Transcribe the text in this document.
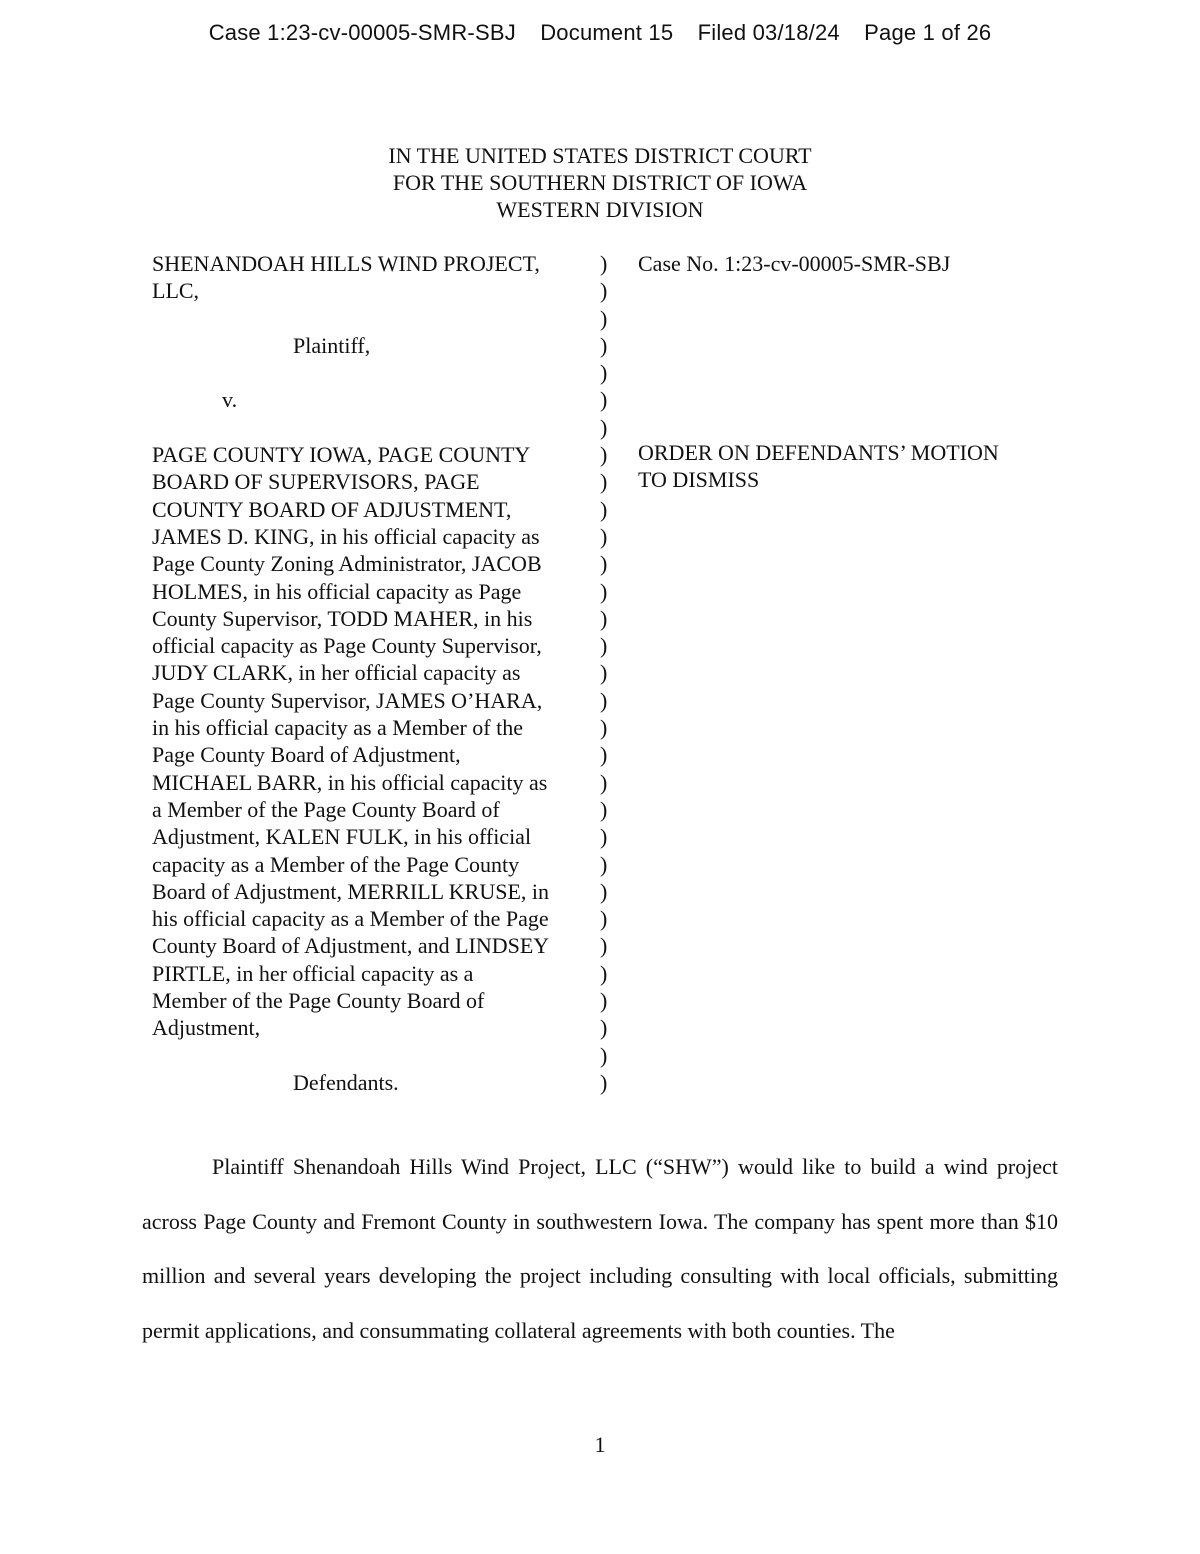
Case 1:23-cv-00005-SMR-SBJ Document 15 Filed 03/18/24 Page 1 of 26
IN THE UNITED STATES DISTRICT COURT
FOR THE SOUTHERN DISTRICT OF IOWA
WESTERN DIVISION
SHENANDOAH HILLS WIND PROJECT,
LLC,

Plaintiff,

v.

PAGE COUNTY IOWA, PAGE COUNTY
BOARD OF SUPERVISORS, PAGE
COUNTY BOARD OF ADJUSTMENT,
JAMES D. KING, in his official capacity as
Page County Zoning Administrator, JACOB
HOLMES, in his official capacity as Page
County Supervisor, TODD MAHER, in his
official capacity as Page County Supervisor,
JUDY CLARK, in her official capacity as
Page County Supervisor, JAMES O’HARA,
in his official capacity as a Member of the
Page County Board of Adjustment,
MICHAEL BARR, in his official capacity as
a Member of the Page County Board of
Adjustment, KALEN FULK, in his official
capacity as a Member of the Page County
Board of Adjustment, MERRILL KRUSE, in
his official capacity as a Member of the Page
County Board of Adjustment, and LINDSEY
PIRTLE, in her official capacity as a
Member of the Page County Board of
Adjustment,

Defendants.
)
)
)
)
)
)
)
)
)
)
)
)
)
)
)
)
)
)
)
)
)
)
)
)
)
)
)
)
)
)
)
Case No. 1:23-cv-00005-SMR-SBJ
ORDER ON DEFENDANTS’ MOTION
TO DISMISS

Plaintiff Shenandoah Hills Wind Project, LLC (“SHW”) would like to build a wind project across Page County and Fremont County in southwestern Iowa. The company has spent more than $10 million and several years developing the project including consulting with local officials, submitting permit applications, and consummating collateral agreements with both counties. The

1
